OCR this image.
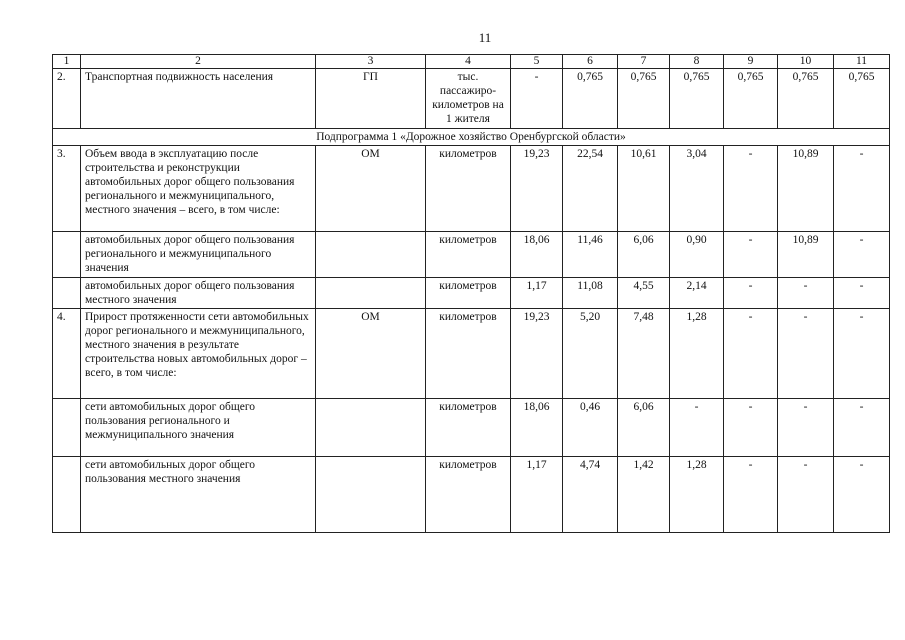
11
1	2	3	4	5	6	7	8	9	10	11
2.	Транспортная подвижность населения	ГП	тыс. пассажиро-километров на 1 жителя	-	0,765	0,765	0,765	0,765	0,765	0,765
Подпрограмма 1 «Дорожное хозяйство Оренбургской области»										
3.	Объем ввода в эксплуатацию после строительства и реконструкции автомобильных дорог общего пользования регионального и межмуниципального, местного значения – всего, в том числе:	ОМ	километров	19,23	22,54	10,61	3,04	-	10,89	-
	автомобильных дорог общего пользования регионального и межмуниципального значения		километров	18,06	11,46	6,06	0,90	-	10,89	-
	автомобильных дорог общего пользования местного значения		километров	1,17	11,08	4,55	2,14	-	-	-
4.	Прирост протяженности сети автомобильных дорог регионального и межмуниципального, местного значения в результате строительства новых автомобильных дорог – всего, в том числе:	ОМ	километров	19,23	5,20	7,48	1,28	-	-	-
	сети автомобильных дорог общего пользования регионального и межмуниципального значения		километров	18,06	0,46	6,06	-	-	-	-
	сети автомобильных дорог общего пользования местного значения		километров	1,17	4,74	1,42	1,28	-	-	-
